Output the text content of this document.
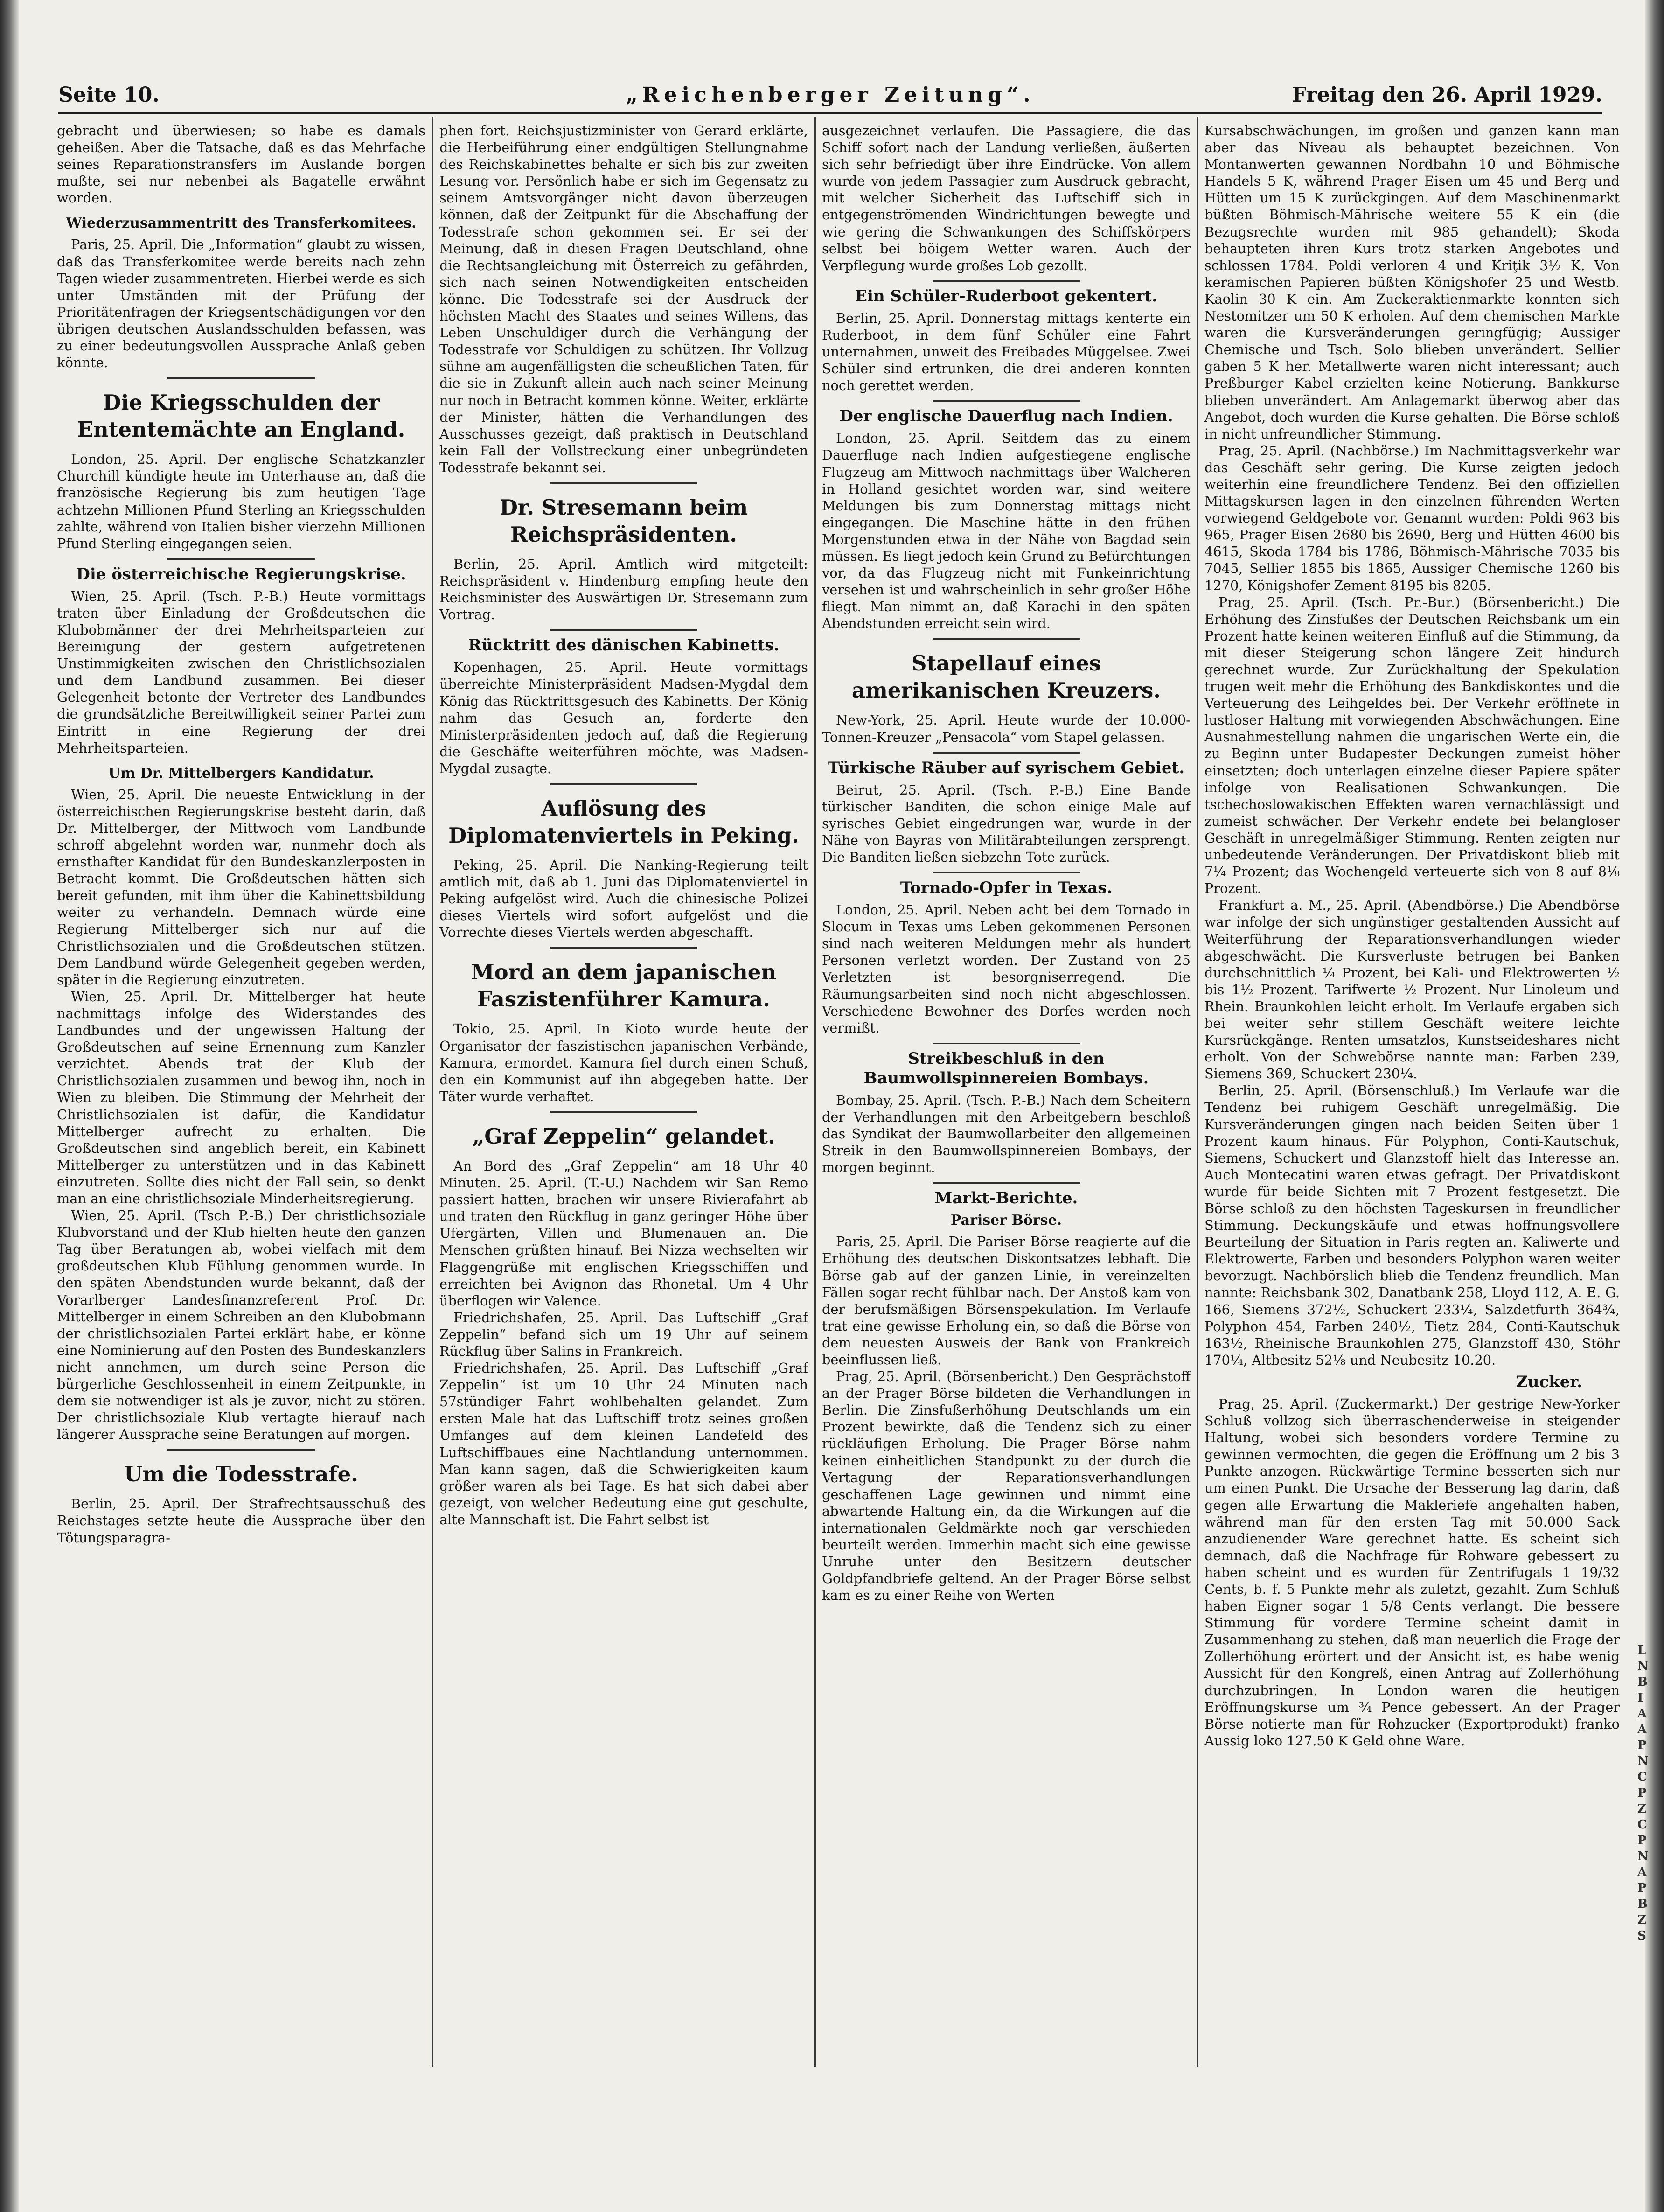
Seite 10.	„Reichenberger Zeitung“.	Freitag den 26. April 1929.

gebracht und überwiesen; so habe es damals geheißen. Aber die Tatsache, daß es das Mehrfache seines Reparationstransfers im Auslande borgen mußte, sei nur nebenbei als Bagatelle erwähnt worden.

Wiederzusammentritt des Transferkomitees.

Paris, 25. April. Die „Information“ glaubt zu wissen, daß das Transferkomitee werde bereits nach zehn Tagen wieder zusammentreten. Hierbei werde es sich unter Umständen mit der Prüfung der Prioritätenfragen der Kriegsentschädigungen vor den übrigen deutschen Auslandsschulden befassen, was zu einer bedeutungsvollen Aussprache Anlaß geben könnte.

Die Kriegsschulden der Ententemächte an England.

London, 25. April. Der englische Schatzkanzler Churchill kündigte heute im Unterhause an, daß die französische Regierung bis zum heutigen Tage achtzehn Millionen Pfund Sterling an Kriegsschulden zahlte, während von Italien bisher vierzehn Millionen Pfund Sterling eingegangen seien.

Die österreichische Regierungskrise.

Wien, 25. April. (Tsch. P.-B.) Heute vormittags traten über Einladung der Großdeutschen die Klubobmänner der drei Mehrheitsparteien zur Bereinigung der gestern aufgetretenen Unstimmigkeiten zwischen den Christlichsozialen und dem Landbund zusammen. Bei dieser Gelegenheit betonte der Vertreter des Landbundes die grundsätzliche Bereitwilligkeit seiner Partei zum Eintritt in eine Regierung der drei Mehrheitsparteien.

Um Dr. Mittelbergers Kandidatur.

Wien, 25. April. Die neueste Entwicklung in der österreichischen Regierungskrise besteht darin, daß Dr. Mittelberger, der Mittwoch vom Landbunde schroff abgelehnt worden war, nunmehr doch als ernsthafter Kandidat für den Bundeskanzlerposten in Betracht kommt. Die Großdeutschen hätten sich bereit gefunden, mit ihm über die Kabinettsbildung weiter zu verhandeln. Demnach würde eine Regierung Mittelberger sich nur auf die Christlichsozialen und die Großdeutschen stützen. Dem Landbund würde Gelegenheit gegeben werden, später in die Regierung einzutreten.

Wien, 25. April. Dr. Mittelberger hat heute nachmittags infolge des Widerstandes des Landbundes und der ungewissen Haltung der Großdeutschen auf seine Ernennung zum Kanzler verzichtet. Abends trat der Klub der Christlichsozialen zusammen und bewog ihn, noch in Wien zu bleiben. Die Stimmung der Mehrheit der Christlichsozialen ist dafür, die Kandidatur Mittelberger aufrecht zu erhalten. Die Großdeutschen sind angeblich bereit, ein Kabinett Mittelberger zu unterstützen und in das Kabinett einzutreten. Sollte dies nicht der Fall sein, so denkt man an eine christlichsoziale Minderheitsregierung.

Wien, 25. April. (Tsch P.-B.) Der christlichsoziale Klubvorstand und der Klub hielten heute den ganzen Tag über Beratungen ab, wobei vielfach mit dem großdeutschen Klub Fühlung genommen wurde. In den späten Abendstunden wurde bekannt, daß der Vorarlberger Landesfinanzreferent Prof. Dr. Mittelberger in einem Schreiben an den Klubobmann der christlichsozialen Partei erklärt habe, er könne eine Nominierung auf den Posten des Bundeskanzlers nicht annehmen, um durch seine Person die bürgerliche Geschlossenheit in einem Zeitpunkte, in dem sie notwendiger ist als je zuvor, nicht zu stören. Der christlichsoziale Klub vertagte hierauf nach längerer Aussprache seine Beratungen auf morgen.

Um die Todesstrafe.

Berlin, 25. April. Der Strafrechtsausschuß des Reichstages setzte heute die Aussprache über den Tötungsparagra-

phen fort. Reichsjustizminister von Gerard erklärte, die Herbeiführung einer endgültigen Stellungnahme des Reichskabinettes behalte er sich bis zur zweiten Lesung vor. Persönlich habe er sich im Gegensatz zu seinem Amtsvorgänger nicht davon überzeugen können, daß der Zeitpunkt für die Abschaffung der Todesstrafe schon gekommen sei. Er sei der Meinung, daß in diesen Fragen Deutschland, ohne die Rechtsangleichung mit Österreich zu gefährden, sich nach seinen Notwendigkeiten entscheiden könne. Die Todesstrafe sei der Ausdruck der höchsten Macht des Staates und seines Willens, das Leben Unschuldiger durch die Verhängung der Todesstrafe vor Schuldigen zu schützen. Ihr Vollzug sühne am augenfälligsten die scheußlichen Taten, für die sie in Zukunft allein auch nach seiner Meinung nur noch in Betracht kommen könne. Weiter, erklärte der Minister, hätten die Verhandlungen des Ausschusses gezeigt, daß praktisch in Deutschland kein Fall der Vollstreckung einer unbegründeten Todesstrafe bekannt sei.

Dr. Stresemann beim Reichspräsidenten.

Berlin, 25. April. Amtlich wird mitgeteilt: Reichspräsident v. Hindenburg empfing heute den Reichsminister des Auswärtigen Dr. Stresemann zum Vortrag.

Rücktritt des dänischen Kabinetts.

Kopenhagen, 25. April. Heute vormittags überreichte Ministerpräsident Madsen-Mygdal dem König das Rücktrittsgesuch des Kabinetts. Der König nahm das Gesuch an, forderte den Ministerpräsidenten jedoch auf, daß die Regierung die Geschäfte weiterführen möchte, was Madsen-Mygdal zusagte.

Auflösung des Diplomatenviertels in Peking.

Peking, 25. April. Die Nanking-Regierung teilt amtlich mit, daß ab 1. Juni das Diplomatenviertel in Peking aufgelöst wird. Auch die chinesische Polizei dieses Viertels wird sofort aufgelöst und die Vorrechte dieses Viertels werden abgeschafft.

Mord an dem japanischen Faszistenführer Kamura.

Tokio, 25. April. In Kioto wurde heute der Organisator der faszistischen japanischen Verbände, Kamura, ermordet. Kamura fiel durch einen Schuß, den ein Kommunist auf ihn abgegeben hatte. Der Täter wurde verhaftet.

„Graf Zeppelin“ gelandet.

An Bord des „Graf Zeppelin“ am 18 Uhr 40 Minuten. 25. April. (T.-U.) Nachdem wir San Remo passiert hatten, brachen wir unsere Rivierafahrt ab und traten den Rückflug in ganz geringer Höhe über Ufergärten, Villen und Blumenauen an. Die Menschen grüßten hinauf. Bei Nizza wechselten wir Flaggengrüße mit englischen Kriegsschiffen und erreichten bei Avignon das Rhonetal. Um 4 Uhr überflogen wir Valence.

Friedrichshafen, 25. April. Das Luftschiff „Graf Zeppelin“ befand sich um 19 Uhr auf seinem Rückflug über Salins in Frankreich.

Friedrichshafen, 25. April. Das Luftschiff „Graf Zeppelin“ ist um 10 Uhr 24 Minuten nach 57stündiger Fahrt wohlbehalten gelandet. Zum ersten Male hat das Luftschiff trotz seines großen Umfanges auf dem kleinen Landefeld des Luftschiffbaues eine Nachtlandung unternommen. Man kann sagen, daß die Schwierigkeiten kaum größer waren als bei Tage. Es hat sich dabei aber gezeigt, von welcher Bedeutung eine gut geschulte, alte Mannschaft ist. Die Fahrt selbst ist

ausgezeichnet verlaufen. Die Passagiere, die das Schiff sofort nach der Landung verließen, äußerten sich sehr befriedigt über ihre Eindrücke. Von allem wurde von jedem Passagier zum Ausdruck gebracht, mit welcher Sicherheit das Luftschiff sich in entgegenströmenden Windrichtungen bewegte und wie gering die Schwankungen des Schiffskörpers selbst bei böigem Wetter waren. Auch der Verpflegung wurde großes Lob gezollt.

Ein Schüler-Ruderboot gekentert.

Berlin, 25. April. Donnerstag mittags kenterte ein Ruderboot, in dem fünf Schüler eine Fahrt unternahmen, unweit des Freibades Müggelsee. Zwei Schüler sind ertrunken, die drei anderen konnten noch gerettet werden.

Der englische Dauerflug nach Indien.

London, 25. April. Seitdem das zu einem Dauerfluge nach Indien aufgestiegene englische Flugzeug am Mittwoch nachmittags über Walcheren in Holland gesichtet worden war, sind weitere Meldungen bis zum Donnerstag mittags nicht eingegangen. Die Maschine hätte in den frühen Morgenstunden etwa in der Nähe von Bagdad sein müssen. Es liegt jedoch kein Grund zu Befürchtungen vor, da das Flugzeug nicht mit Funkeinrichtung versehen ist und wahrscheinlich in sehr großer Höhe fliegt. Man nimmt an, daß Karachi in den späten Abendstunden erreicht sein wird.

Stapellauf eines amerikanischen Kreuzers.

New-York, 25. April. Heute wurde der 10.000-Tonnen-Kreuzer „Pensacola“ vom Stapel gelassen.

Türkische Räuber auf syrischem Gebiet.

Beirut, 25. April. (Tsch. P.-B.) Eine Bande türkischer Banditen, die schon einige Male auf syrisches Gebiet eingedrungen war, wurde in der Nähe von Bayras von Militärabteilungen zersprengt. Die Banditen ließen siebzehn Tote zurück.

Tornado-Opfer in Texas.

London, 25. April. Neben acht bei dem Tornado in Slocum in Texas ums Leben gekommenen Personen sind nach weiteren Meldungen mehr als hundert Personen verletzt worden. Der Zustand von 25 Verletzten ist besorgniserregend. Die Räumungsarbeiten sind noch nicht abgeschlossen. Verschiedene Bewohner des Dorfes werden noch vermißt.

Streikbeschluß in den Baumwollspinnereien Bombays.

Bombay, 25. April. (Tsch. P.-B.) Nach dem Scheitern der Verhandlungen mit den Arbeitgebern beschloß das Syndikat der Baumwollarbeiter den allgemeinen Streik in den Baumwollspinnereien Bombays, der morgen beginnt.

Markt-Berichte.
Pariser Börse.

Paris, 25. April. Die Pariser Börse reagierte auf die Erhöhung des deutschen Diskontsatzes lebhaft. Die Börse gab auf der ganzen Linie, in vereinzelten Fällen sogar recht fühlbar nach. Der Anstoß kam von der berufsmäßigen Börsenspekulation. Im Verlaufe trat eine gewisse Erholung ein, so daß die Börse von dem neuesten Ausweis der Bank von Frankreich beeinflussen ließ.

Prag, 25. April. (Börsenbericht.) Den Gesprächstoff an der Prager Börse bildeten die Verhandlungen in Berlin. Die Zinsfußerhöhung Deutschlands um ein Prozent bewirkte, daß die Tendenz sich zu einer rückläufigen Erholung. Die Prager Börse nahm keinen einheitlichen Standpunkt zu der durch die Vertagung der Reparationsverhandlungen geschaffenen Lage gewinnen und nimmt eine abwartende Haltung ein, da die Wirkungen auf die internationalen Geldmärkte noch gar verschieden beurteilt werden. Immerhin macht sich eine gewisse Unruhe unter den Besitzern deutscher Goldpfandbriefe geltend. An der Prager Börse selbst kam es zu einer Reihe von Werten

Kursabschwächungen, im großen und ganzen kann man aber das Niveau als behauptet bezeichnen. Von Montanwerten gewannen Nordbahn 10 und Böhmische Handels 5 K, während Prager Eisen um 45 und Berg und Hütten um 15 K zurückgingen. Auf dem Maschinenmarkt büßten Böhmisch-Mährische weitere 55 K ein (die Bezugsrechte wurden mit 985 gehandelt); Skoda behaupteten ihren Kurs trotz starken Angebotes und schlossen 1784. Poldi verloren 4 und Kriţik 3½ K. Von keramischen Papieren büßten Königshofer 25 und Westb. Kaolin 30 K ein. Am Zuckeraktienmarkte konnten sich Nestomitzer um 50 K erholen. Auf dem chemischen Markte waren die Kursveränderungen geringfügig; Aussiger Chemische und Tsch. Solo blieben unverändert. Sellier gaben 5 K her. Metallwerte waren nicht interessant; auch Preßburger Kabel erzielten keine Notierung. Bankkurse blieben unverändert. Am Anlagemarkt überwog aber das Angebot, doch wurden die Kurse gehalten. Die Börse schloß in nicht unfreundlicher Stimmung.

Prag, 25. April. (Nachbörse.) Im Nachmittagsverkehr war das Geschäft sehr gering. Die Kurse zeigten jedoch weiterhin eine freundlichere Tendenz. Bei den offiziellen Mittagskursen lagen in den einzelnen führenden Werten vorwiegend Geldgebote vor. Genannt wurden: Poldi 963 bis 965, Prager Eisen 2680 bis 2690, Berg und Hütten 4600 bis 4615, Skoda 1784 bis 1786, Böhmisch-Mährische 7035 bis 7045, Sellier 1855 bis 1865, Aussiger Chemische 1260 bis 1270, Königshofer Zement 8195 bis 8205.

Prag, 25. April. (Tsch. Pr.-Bur.) (Börsenbericht.) Die Erhöhung des Zinsfußes der Deutschen Reichsbank um ein Prozent hatte keinen weiteren Einfluß auf die Stimmung, da mit dieser Steigerung schon längere Zeit hindurch gerechnet wurde. Zur Zurückhaltung der Spekulation trugen weit mehr die Erhöhung des Bankdiskontes und die Verteuerung des Leihgeldes bei. Der Verkehr eröffnete in lustloser Haltung mit vorwiegenden Abschwächungen. Eine Ausnahmestellung nahmen die ungarischen Werte ein, die zu Beginn unter Budapester Deckungen zumeist höher einsetzten; doch unterlagen einzelne dieser Papiere später infolge von Realisationen Schwankungen. Die tschechoslowakischen Effekten waren vernachlässigt und zumeist schwächer. Der Verkehr endete bei belangloser Geschäft in unregelmäßiger Stimmung. Renten zeigten nur unbedeutende Veränderungen. Der Privatdiskont blieb mit 7¼ Prozent; das Wochengeld verteuerte sich von 8 auf 8⅛ Prozent.

Frankfurt a. M., 25. April. (Abendbörse.) Die Abendbörse war infolge der sich ungünstiger gestaltenden Aussicht auf Weiterführung der Reparationsverhandlungen wieder abgeschwächt. Die Kursverluste betrugen bei Banken durchschnittlich ¼ Prozent, bei Kali- und Elektrowerten ½ bis 1½ Prozent. Tarifwerte ½ Prozent. Nur Linoleum und Rhein. Braunkohlen leicht erholt. Im Verlaufe ergaben sich bei weiter sehr stillem Geschäft weitere leichte Kursrückgänge. Renten umsatzlos, Kunstseideshares nicht erholt. Von der Schwebörse nannte man: Farben 239, Siemens 369, Schuckert 230¼.

Berlin, 25. April. (Börsenschluß.) Im Verlaufe war die Tendenz bei ruhigem Geschäft unregelmäßig. Die Kursveränderungen gingen nach beiden Seiten über 1 Prozent kaum hinaus. Für Polyphon, Conti-Kautschuk, Siemens, Schuckert und Glanzstoff hielt das Interesse an. Auch Montecatini waren etwas gefragt. Der Privatdiskont wurde für beide Sichten mit 7 Prozent festgesetzt. Die Börse schloß zu den höchsten Tageskursen in freundlicher Stimmung. Deckungskäufe und etwas hoffnungsvollere Beurteilung der Situation in Paris regten an. Kaliwerte und Elektrowerte, Farben und besonders Polyphon waren weiter bevorzugt. Nachbörslich blieb die Tendenz freundlich. Man nannte: Reichsbank 302, Danatbank 258, Lloyd 112, A. E. G. 166, Siemens 372½, Schuckert 233¼, Salzdetfurth 364¾, Polyphon 454, Farben 240½, Tietz 284, Conti-Kautschuk 163½, Rheinische Braunkohlen 275, Glanzstoff 430, Stöhr 170¼, Altbesitz 52⅛ und Neubesitz 10.20.

Zucker.

Prag, 25. April. (Zuckermarkt.) Der gestrige New-Yorker Schluß vollzog sich überraschenderweise in steigender Haltung, wobei sich besonders vordere Termine zu gewinnen vermochten, die gegen die Eröffnung um 2 bis 3 Punkte anzogen. Rückwärtige Termine besserten sich nur um einen Punkt. Die Ursache der Besserung lag darin, daß gegen alle Erwartung die Makleriefe angehalten haben, während man für den ersten Tag mit 50.000 Sack anzudienender Ware gerechnet hatte. Es scheint sich demnach, daß die Nachfrage für Rohware gebessert zu haben scheint und es wurden für Zentrifugals 1 19/32 Cents, b. f. 5 Punkte mehr als zuletzt, gezahlt. Zum Schluß haben Eigner sogar 1 5/8 Cents verlangt. Die bessere Stimmung für vordere Termine scheint damit in Zusammenhang zu stehen, daß man neuerlich die Frage der Zollerhöhung erörtert und der Ansicht ist, es habe wenig Aussicht für den Kongreß, einen Antrag auf Zollerhöhung durchzubringen. In London waren die heutigen Eröffnungskurse um ¾ Pence gebessert. An der Prager Börse notierte man für Rohzucker (Exportprodukt) franko Aussig loko 127.50 K Geld ohne Ware.

L
N
B
I
A
A
P
N
C
P
Z
C
P
N
A
P
B
Z
S
